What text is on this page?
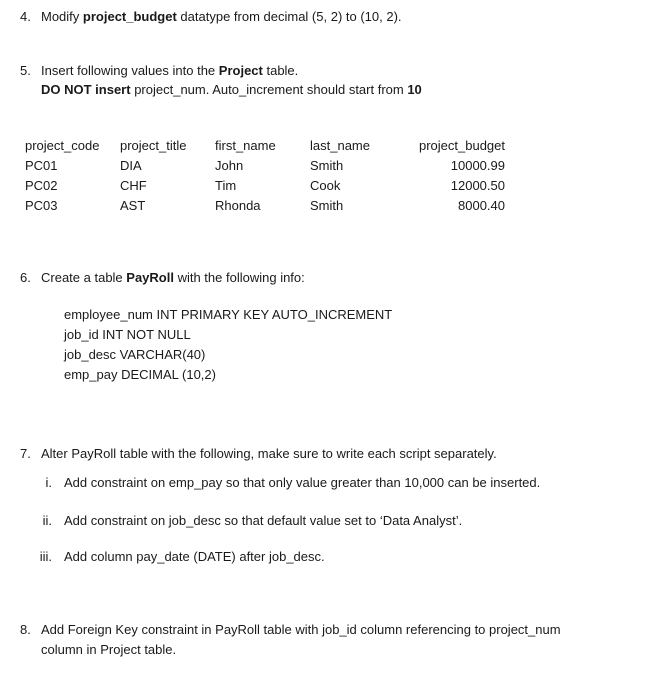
4. Modify project_budget datatype from decimal (5, 2) to (10, 2).
5. Insert following values into the Project table.
DO NOT insert project_num. Auto_increment should start from 10
project_code	project_title	first_name	last_name	project_budget
PC01	DIA	John	Smith	10000.99
PC02	CHF	Tim	Cook	12000.50
PC03	AST	Rhonda	Smith	8000.40
6. Create a table PayRoll with the following info:
employee_num INT PRIMARY KEY AUTO_INCREMENT
job_id INT NOT NULL
job_desc VARCHAR(40)
emp_pay DECIMAL (10,2)
7. Alter PayRoll table with the following, make sure to write each script separately.
i. Add constraint on emp_pay so that only value greater than 10,000 can be inserted.
ii. Add constraint on job_desc so that default value set to ‘Data Analyst’.
iii. Add column pay_date (DATE) after job_desc.
8. Add Foreign Key constraint in PayRoll table with job_id column referencing to project_num
column in Project table.
